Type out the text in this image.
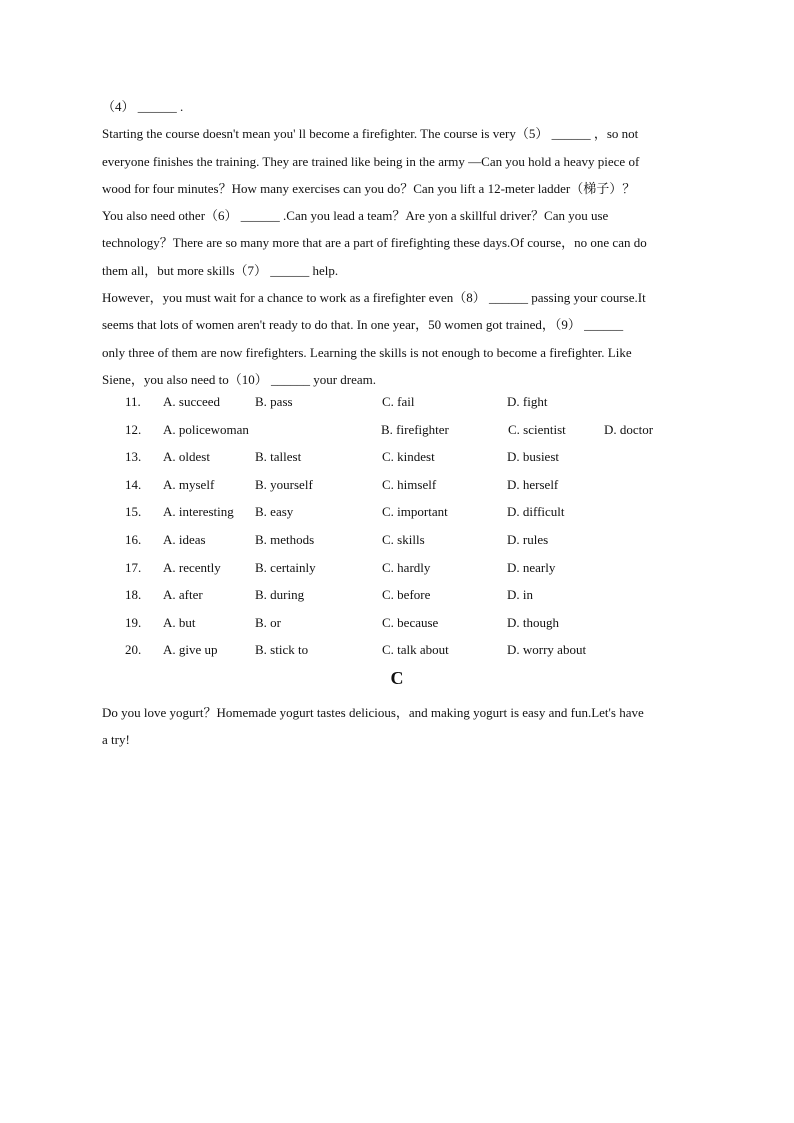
（4） ______ .
Starting the course doesn't mean you' ll become a firefighter. The course is very（5） ______ ，so not
everyone finishes the training. They are trained like being in the army —Can you hold a heavy piece of
wood for four minutes？How many exercises can you do？Can you lift a 12-meter ladder（梯子）？
You also need other（6） ______ .Can you lead a team？Are yon a skillful driver？Can you use
technology？There are so many more that are a part of firefighting these days.Of course，no one can do
them all，but more skills（7） ______ help.
However，you must wait for a chance to work as a firefighter even（8） ______ passing your course.It
seems that lots of women aren't ready to do that. In one year，50 women got trained，（9） ______
only three of them are now firefighters. Learning the skills is not enough to become a firefighter. Like
Siene，you also need to（10） ______ your dream.
11. A. succeed	B. pass	C. fail	D. fight
12. A. policewoman	B. firefighter	C. scientist	D. doctor
13. A. oldest	B. tallest	C. kindest	D. busiest
14. A. myself	B. yourself	C. himself	D. herself
15. A. interesting B. easy	C. important	D. difficult
16. A. ideas	B. methods	C. skills	D. rules
17. A. recently	B. certainly	C. hardly	D. nearly
18. A. after	B. during	C. before	D. in
19. A. but	B. or	C. because	D. though
20. A. give up	B. stick to	C. talk about	D. worry about
C
Do you love yogurt？Homemade yogurt tastes delicious，and making yogurt is easy and fun.Let's have
a try!
